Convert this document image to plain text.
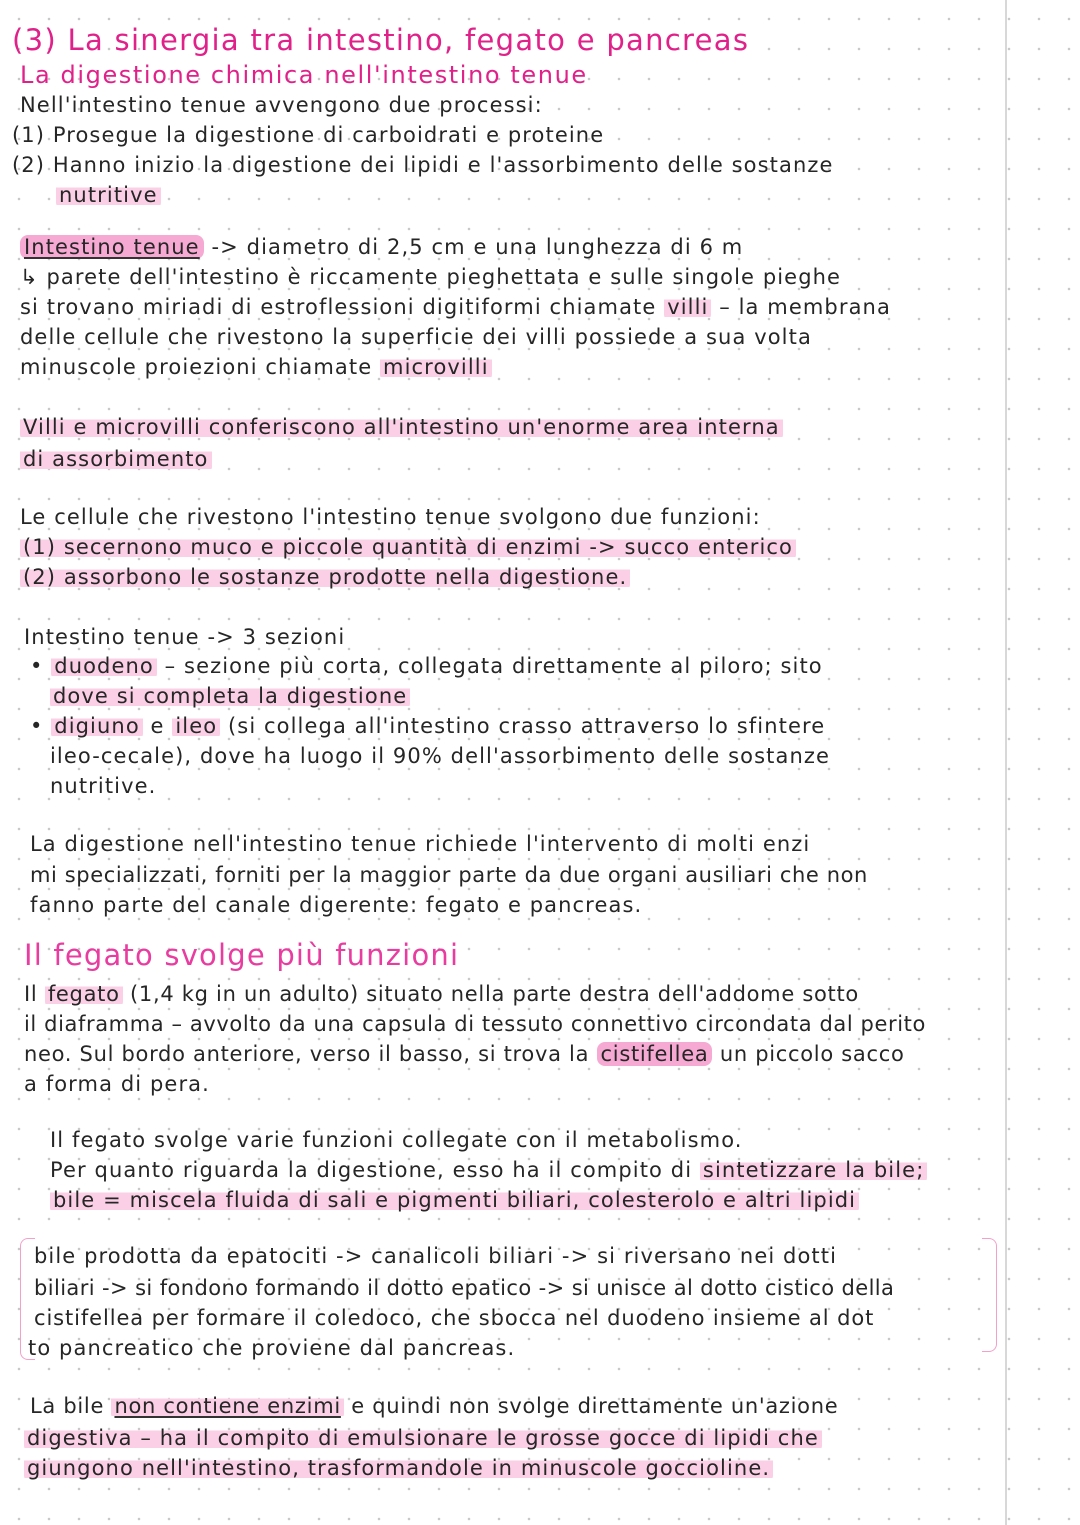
(3) La sinergia tra intestino, fegato e pancreas
La digestione chimica nell'intestino tenue
Nell'intestino tenue avvengono due processi:
(1) Prosegue la digestione di carboidrati e proteine
(2) Hanno inizio la digestione dei lipidi e l'assorbimento delle sostanze
nutritive
Intestino tenue -> diametro di 2,5 cm e una lunghezza di 6 m
↳ parete dell'intestino è riccamente pieghettata e sulle singole pieghe
si trovano miriadi di estroflessioni digitiformi chiamate villi – la membrana
delle cellule che rivestono la superficie dei villi possiede a sua volta
minuscole proiezioni chiamate microvilli
Villi e microvilli conferiscono all'intestino un'enorme area interna
di assorbimento
Le cellule che rivestono l'intestino tenue svolgono due funzioni:
(1) secernono muco e piccole quantità di enzimi -> succo enterico
(2) assorbono le sostanze prodotte nella digestione.
Intestino tenue -> 3 sezioni
• duodeno – sezione più corta, collegata direttamente al piloro; sito
dove si completa la digestione
• digiuno e ileo (si collega all'intestino crasso attraverso lo sfintere
ileo-cecale), dove ha luogo il 90% dell'assorbimento delle sostanze
nutritive.
La digestione nell'intestino tenue richiede l'intervento di molti enzi
mi specializzati, forniti per la maggior parte da due organi ausiliari che non
fanno parte del canale digerente: fegato e pancreas.
Il fegato svolge più funzioni
Il fegato (1,4 kg in un adulto) situato nella parte destra dell'addome sotto
il diaframma – avvolto da una capsula di tessuto connettivo circondata dal perito
neo. Sul bordo anteriore, verso il basso, si trova la cistifellea un piccolo sacco
a forma di pera.
Il fegato svolge varie funzioni collegate con il metabolismo.
Per quanto riguarda la digestione, esso ha il compito di sintetizzare la bile;
bile = miscela fluida di sali e pigmenti biliari, colesterolo e altri lipidi
bile prodotta da epatociti -> canalicoli biliari -> si riversano nei dotti
biliari -> si fondono formando il dotto epatico -> si unisce al dotto cistico della
cistifellea per formare il coledoco, che sbocca nel duodeno insieme al dot
to pancreatico che proviene dal pancreas.
La bile non contiene enzimi e quindi non svolge direttamente un'azione
digestiva – ha il compito di emulsionare le grosse gocce di lipidi che
giungono nell'intestino, trasformandole in minuscole goccioline.
